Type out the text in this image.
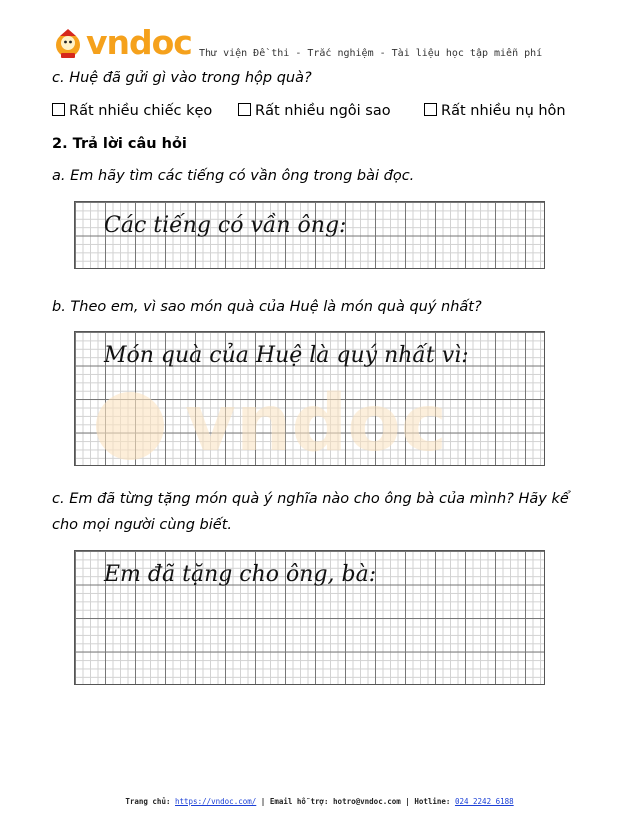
vndoc Thư viện Đề thi - Trắc nghiệm - Tài liệu học tập miễn phí
c. Huệ đã gửi gì vào trong hộp quà?
Rất nhiều chiếc kẹo	Rất nhiều ngôi sao	Rất nhiều nụ hôn
2. Trả lời câu hỏi
a. Em hãy tìm các tiếng có vần ông trong bài đọc.
Các tiếng có vần ông:
b. Theo em, vì sao món quà của Huệ là món quà quý nhất?
Món quà của Huệ là quý nhất vì:
vndoc
c. Em đã từng tặng món quà ý nghĩa nào cho ông bà của mình? Hãy kể
cho mọi người cùng biết.
Em đã tặng cho ông, bà:
Trang chủ: https://vndoc.com/ | Email hỗ trợ: hotro@vndoc.com | Hotline: 024 2242 6188
